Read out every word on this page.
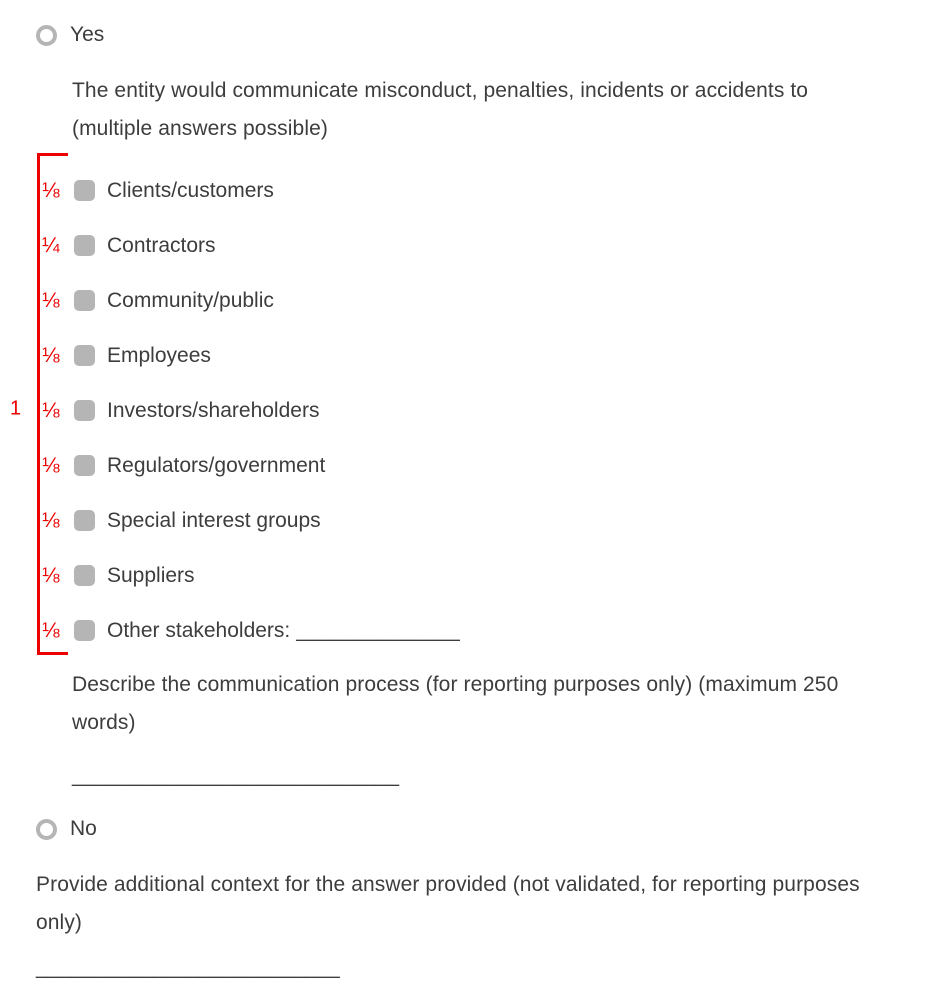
Yes

The entity would communicate misconduct, penalties, incidents or accidents to (multiple answers possible)

1
⅛	Clients/customers
¼	Contractors
⅛	Community/public
⅛	Employees
⅛	Investors/shareholders
⅛	Regulators/government
⅛	Special interest groups
⅛	Suppliers
⅛	Other stakeholders: ______________

Describe the communication process (for reporting purposes only) (maximum 250 words)

____________________________
No

Provide additional context for the answer provided (not validated, for reporting purposes only)

__________________________
